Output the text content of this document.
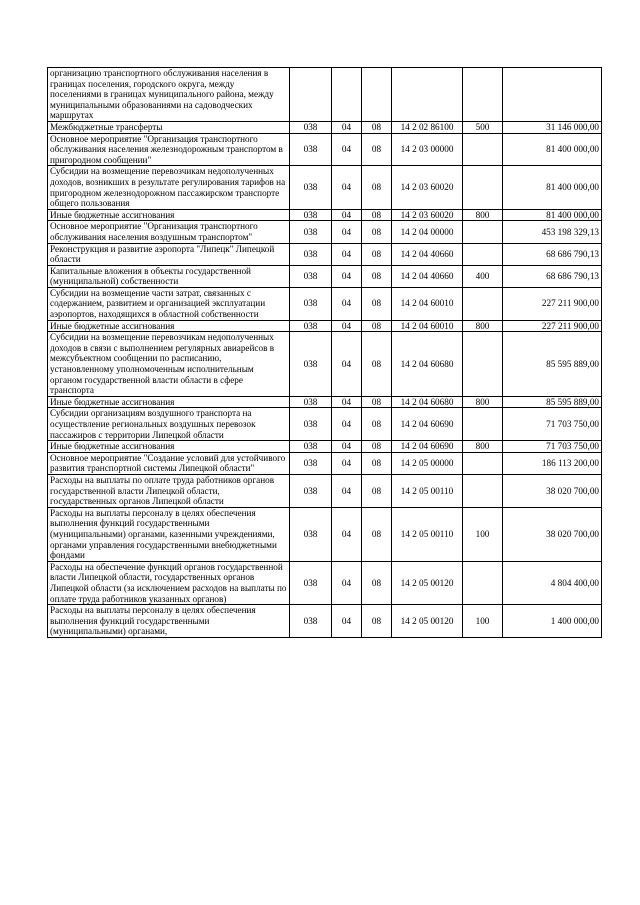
организацию транспортного обслуживания населения в границах поселения, городского округа, между поселениями в границах муниципального района, между муниципальными образованиями на садоводческих маршрутах						
Межбюджетные трансферты	038	04	08	14 2 02 86100	500	31 146 000,00
Основное мероприятие "Организация транспортного обслуживания населения железнодорожным транспортом в пригородном сообщении"	038	04	08	14 2 03 00000		81 400 000,00
Субсидии на возмещение перевозчикам недополученных доходов, возникших в результате регулирования тарифов на пригородном железнодорожном пассажирском транспорте общего пользования	038	04	08	14 2 03 60020		81 400 000,00
Иные бюджетные ассигнования	038	04	08	14 2 03 60020	800	81 400 000,00
Основное мероприятие "Организация транспортного обслуживания населения воздушным транспортом"	038	04	08	14 2 04 00000		453 198 329,13
Реконструкция и развитие аэропорта "Липецк" Липецкой области	038	04	08	14 2 04 40660		68 686 790,13
Капитальные вложения в объекты государственной (муниципальной) собственности	038	04	08	14 2 04 40660	400	68 686 790,13
Субсидии на возмещение части затрат, связанных с содержанием, развитием и организацией эксплуатации аэропортов, находящихся в областной собственности	038	04	08	14 2 04 60010		227 211 900,00
Иные бюджетные ассигнования	038	04	08	14 2 04 60010	800	227 211 900,00
Субсидии на возмещение перевозчикам недополученных доходов в связи с выполнением регулярных авиарейсов в межсубъектном сообщении по расписанию, установленному уполномоченным исполнительным органом государственной власти области в сфере транспорта	038	04	08	14 2 04 60680		85 595 889,00
Иные бюджетные ассигнования	038	04	08	14 2 04 60680	800	85 595 889,00
Субсидии организациям воздушного транспорта на осуществление региональных воздушных перевозок пассажиров с территории Липецкой области	038	04	08	14 2 04 60690		71 703 750,00
Иные бюджетные ассигнования	038	04	08	14 2 04 60690	800	71 703 750,00
Основное мероприятие "Создание условий для устойчивого развития транспортной системы Липецкой области"	038	04	08	14 2 05 00000		186 113 200,00
Расходы на выплаты по оплате труда работников органов государственной власти Липецкой области, государственных органов Липецкой области	038	04	08	14 2 05 00110		38 020 700,00
Расходы на выплаты персоналу в целях обеспечения выполнения функций государственными (муниципальными) органами, казенными учреждениями, органами управления государственными внебюджетными фондами	038	04	08	14 2 05 00110	100	38 020 700,00
Расходы на обеспечение функций органов государственной власти Липецкой области, государственных органов Липецкой области (за исключением расходов на выплаты по оплате труда работников указанных органов)	038	04	08	14 2 05 00120		4 804 400,00
Расходы на выплаты персоналу в целях обеспечения выполнения функций государственными (муниципальными) органами,	038	04	08	14 2 05 00120	100	1 400 000,00
